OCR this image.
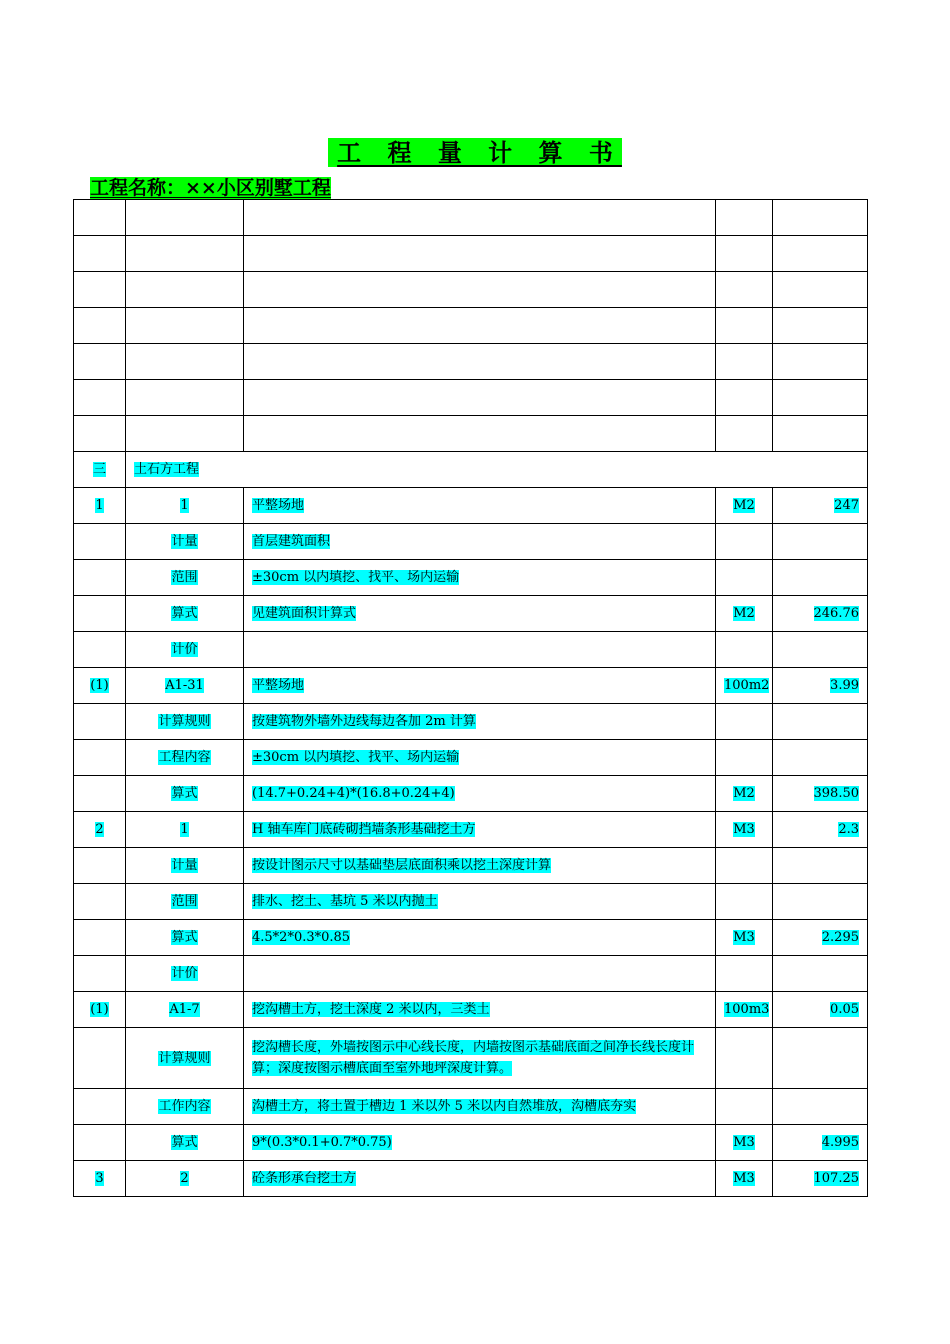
工 程 量 计 算 书
工程名称：××小区别墅工程

三	土石方工程			
1	1	平整场地	M2	247
	计量	首层建筑面积		
	范围	±30cm 以内填挖、找平、场内运输		
	算式	见建筑面积计算式	M2	246.76
	计价			
(1)	A1-31	平整场地	100m2	3.99
	计算规则	按建筑物外墙外边线每边各加 2m 计算		
	工程内容	±30cm 以内填挖、找平、场内运输		
	算式	(14.7+0.24+4)*(16.8+0.24+4)	M2	398.50
2	1	H 轴车库门底砖砌挡墙条形基础挖土方	M3	2.3
	计量	按设计图示尺寸以基础垫层底面积乘以挖土深度计算		
	范围	排水、挖土、基坑 5 米以内抛土		
	算式	4.5*2*0.3*0.85	M3	2.295
	计价			
(1)	A1-7	挖沟槽土方，挖土深度 2 米以内，三类土	100m3	0.05
	计算规则	挖沟槽长度，外墙按图示中心线长度，内墙按图示基础底面之间净长线长度计算；深度按图示槽底面至室外地坪深度计算。		
	工作内容	沟槽土方，将土置于槽边 1 米以外 5 米以内自然堆放，沟槽底夯实		
	算式	9*(0.3*0.1+0.7*0.75)	M3	4.995
3	2	砼条形承台挖土方	M3	107.25
